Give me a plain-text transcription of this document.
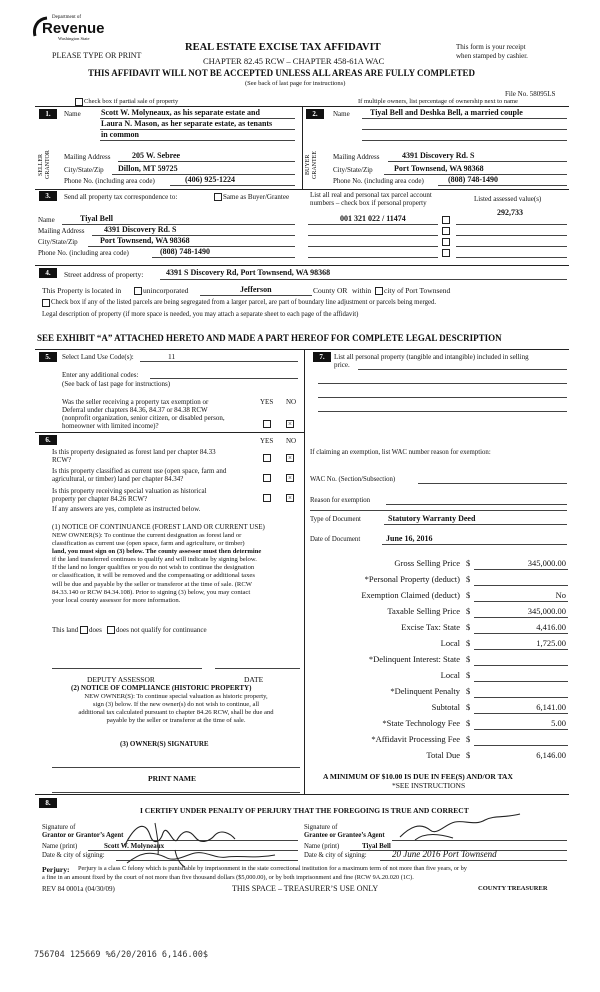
Department of
Revenue
Washington State
PLEASE TYPE OR PRINT
REAL ESTATE EXCISE TAX AFFIDAVIT
CHAPTER 82.45 RCW – CHAPTER 458-61A WAC
This form is your receipt
when stamped by cashier.
THIS AFFIDAVIT WILL NOT BE ACCEPTED UNLESS ALL AREAS ARE FULLY COMPLETED
(See back of last page for instructions)
File No. 58095LS
Check box if partial sale of property	If multiple owners, list percentage of ownership next to name
1.	Name	Scott W. Molyneaux, as his separate estate and
Laura N. Mason, as her separate estate, as tenants
in common
SELLER
GRANTOR Mailing Address	205 W. Sebree
City/State/Zip Dillon, MT 59725
Phone No. (including area code)	(406) 925-1224
2.	Name	Tiyal Bell and Deshka Bell, a married couple
BUYER
GRANTEE Mailing Address	4391 Discovery Rd. S
City/State/Zip	Port Townsend, WA 98368
Phone No. (including area code)	(808) 748-1490
3.	Send all property tax correspondence to:	Same as Buyer/Grantee
Name	Tiyal Bell
Mailing Address 4391 Discovery Rd. S
City/State/Zip	Port Townsend, WA 98368
Phone No. (including area code)	(808) 748-1490
List all real and personal tax parcel account
numbers – check box if personal property	Listed assessed value(s)
292,733
001 321 022 / 11474
4.	Street address of property:	4391 S Discovery Rd, Port Townsend, WA 98368
This Property is located in	unincorporated	Jefferson	County OR within city of Port Townsend
Check box if any of the listed parcels are being segregated from a larger parcel, are part of boundary line adjustment or parcels being merged.
Legal description of property (if more space is needed, you may attach a separate sheet to each page of the affidavit)
SEE EXHIBIT “A” ATTACHED HERETO AND MADE A PART HEREOF FOR COMPLETE LEGAL DESCRIPTION
5.	Select Land Use Code(s):	11
Enter any additional codes:
(See back of last page for instructions)
YES NO
Was the seller receiving a property tax exemption or
Deferral under chapters 84.36, 84.37 or 84.38 RCW
(nonprofit organization, senior citizen, or disabled person,
homeowner with limited income)?	×
6.	YES NO
Is this property designated as forest land per chapter 84.33
RCW?	×
Is this property classified as current use (open space, farm and
agricultural, or timber) land per chapter 84.34?	×
Is this property receiving special valuation as historical
property per chapter 84.26 RCW?	×
If any answers are yes, complete as instructed below.
(1) NOTICE OF CONTINUANCE (FOREST LAND OR CURRENT USE)
NEW OWNER(S): To continue the current designation as forest land or
classification as current use (open space, farm and agriculture, or timber)
land, you must sign on (3) below. The county assessor must then determine
if the land transferred continues to qualify and will indicate by signing below.
If the land no longer qualifies or you do not wish to continue the designation
or classification, it will be removed and the compensating or additional taxes
will be due and payable by the seller or transferor at the time of sale. (RCW
84.33.140 or RCW 84.34.108). Prior to signing (3) below, you may contact
your local county assessor for more information.
This land does does not qualify for continuance
DEPUTY ASSESSOR	DATE
(2) NOTICE OF COMPLIANCE (HISTORIC PROPERTY)
NEW OWNER(S): To continue special valuation as historic property,
sign (3) below. If the new owner(s) do not wish to continue, all
additional tax calculated pursuant to chapter 84.26 RCW, shall be due and
payable by the seller or transferor at the time of sale.
(3) OWNER(S) SIGNATURE
PRINT NAME
7.	List all personal property (tangible and intangible) included in selling
price.
If claiming an exemption, list WAC number reason for exemption:
WAC No. (Section/Subsection)
Reason for exemption
Type of Document	Statutory Warranty Deed
Date of Document	June 16, 2016
Gross Selling Price $	345,000.00
*Personal Property (deduct) $
Exemption Claimed (deduct) $	No
Taxable Selling Price $	345,000.00
Excise Tax: State $	4,416.00
Local $	1,725.00
*Delinquent Interest: State $
Local $
*Delinquent Penalty $
Subtotal $	6,141.00
*State Technology Fee $	5.00
*Affidavit Processing Fee $
Total Due $	6,146.00
A MINIMUM OF $10.00 IS DUE IN FEE(S) AND/OR TAX
*SEE INSTRUCTIONS
8.
I CERTIFY UNDER PENALTY OF PERJURY THAT THE FOREGOING IS TRUE AND CORRECT
Signature of
Grantor or Grantor’s Agent
Name (print)	Scott W. Molyneaux
Date & city of signing:
Signature of
Grantee or Grantee’s Agent
Name (print)	Tiyal Bell
Date & city of signing:	20 June 2016 Port Townsend
Perjury: Perjury is a class C felony which is punishable by imprisonment in the state correctional institution for a maximum term of not more than five years, or by
a fine in an amount fixed by the court of not more than five thousand dollars ($5,000.00), or by both imprisonment and fine (RCW 9A.20.020 (1C).
REV 84 0001a (04/30/09)	THIS SPACE – TREASURER’S USE ONLY	COUNTY TREASURER
756704 125669 %6/20/2016 6,146.00$
